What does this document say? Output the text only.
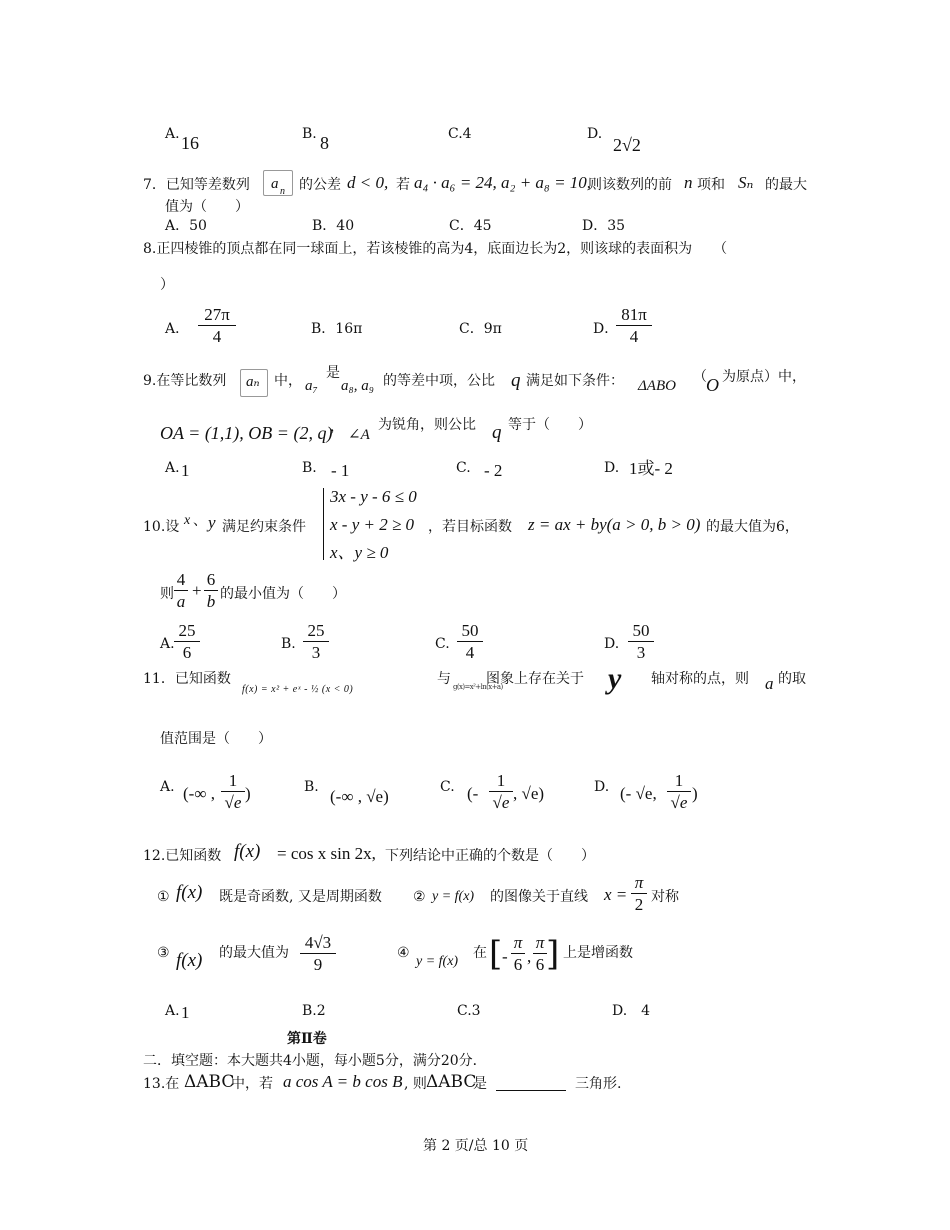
A. 16	B. 8	C.4	D.
2√2
7．已知等差数列 a n 的公差 d < 0, 若 a₄ · a₆ = 24, a₂ + a₈ = 10,
则该数列的前 n 项和 Sₙ 的最大
值为（　　）
A．50	B．40	C．45	D．35
8.正四棱锥的顶点都在同一球面上，若该棱锥的高为4，底面边长为2，则该球的表面积为　　（
）
A． $\frac{27\pi}{4}$	B．16π	C．9π	D．
$\frac{81\pi}{4}$
9.在等比数列 aₙ 中， a₇
是
a₈, a₉ 的等差中项，公比 q 满足如下条件： ΔABO
（ O 为原点）中，
OA = (1,1), OB = (2, q)
， ∠A
为锐角，则公比 q 等于（　　）
A. 1	B. - 1	C. - 2	D. 1或- 2
10.设 x 、 y 满足约束条件
3x - y - 6 ≤ 0
x - y + 2 ≥ 0
x、y ≥ 0
，若目标函数 z = ax + by(a > 0, b > 0) 的最大值为6，
则 $\frac{4}{a} + \frac{6}{b}$ 的最小值为（　　）
A. $\frac{25}{6}$	B. $\frac{25}{3}$	C. $\frac{50}{4}$	D. $\frac{50}{3}$
11．已知函数
f(x) = x² + eˣ - ½ (x < 0)
与 g(x)=x²+ln(x+a)
图象上存在关于 y 轴对称的点，则 a 的取
值范围是（　　）
A. (-∞ , $\frac{1}{√e}$ )	B. (-∞ , √e)	C. (- $\frac{1}{√e}$ , √e)	D. (- √e, $\frac{1}{√e}$ )
12.已知函数 f(x) = cos x sin 2x, 下列结论中正确的个数是（　　）
① f(x) 既是奇函数, 又是周期函数 ② y = f(x) 的图像关于直线 $x = \frac{\pi}{2}$ 对称
③ f(x) 的最大值为 $\frac{4√3}{9}$	④
y = f(x)
在 [ - $\frac{\pi}{6}$ , $\frac{\pi}{6}$ ] 上是增函数
A. 1	B.2	C.3	D.　4
第Ⅱ卷
二．填空题：本大题共4小题，每小题5分，满分20分．
13.在 ΔABC
中，若 a cos A = b cos B , 则 ΔABC
是	三角形.
第 2 页/总 10 页
